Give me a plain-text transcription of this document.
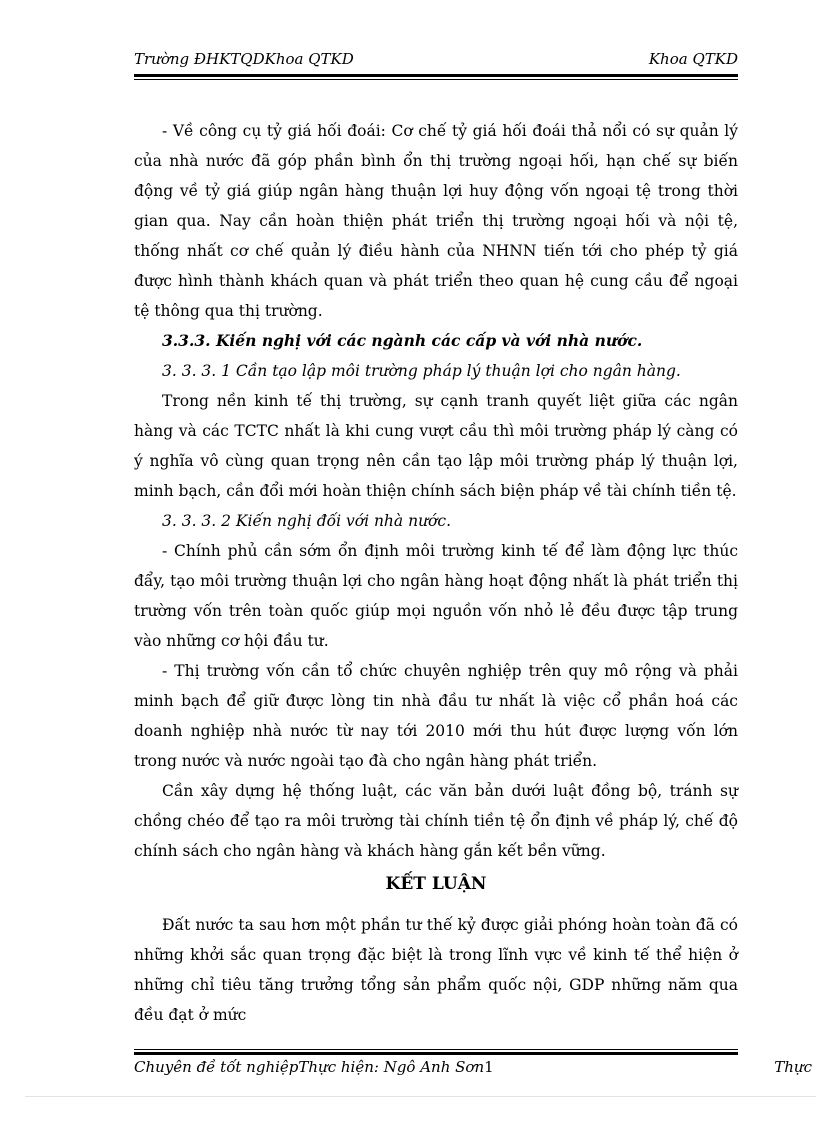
Trường ĐHKTQDKhoa QTKD	Khoa QTKD

- Về công cụ tỷ giá hối đoái: Cơ chế tỷ giá hối đoái thả nổi có sự quản lý của nhà nước đã góp phần bình ổn thị trường ngoại hối, hạn chế sự biến động về tỷ giá giúp ngân hàng thuận lợi huy động vốn ngoại tệ trong thời gian qua. Nay cần hoàn thiện phát triển thị trường ngoại hối và nội tệ, thống nhất cơ chế quản lý điều hành của NHNN tiến tới cho phép tỷ giá được hình thành khách quan và phát triển theo quan hệ cung cầu để ngoại tệ thông qua thị trường.

3.3.3. Kiến nghị với các ngành các cấp và với nhà nước.

3. 3. 3. 1 Cần tạo lập môi trường pháp lý thuận lợi cho ngân hàng.

Trong nền kinh tế thị trường, sự cạnh tranh quyết liệt giữa các ngân hàng và các TCTC nhất là khi cung vượt cầu thì môi trường pháp lý càng có ý nghĩa vô cùng quan trọng nên cần tạo lập môi trường pháp lý thuận lợi, minh bạch, cần đổi mới hoàn thiện chính sách biện pháp về tài chính tiền tệ.

3. 3. 3. 2 Kiến nghị đối với nhà nước.

- Chính phủ cần sớm ổn định môi trường kinh tế để làm động lực thúc đẩy, tạo môi trường thuận lợi cho ngân hàng hoạt động nhất là phát triển thị trường vốn trên toàn quốc giúp mọi nguồn vốn nhỏ lẻ đều được tập trung vào những cơ hội đầu tư.

- Thị trường vốn cần tổ chức chuyên nghiệp trên quy mô rộng và phải minh bạch để giữ được lòng tin nhà đầu tư nhất là việc cổ phần hoá các doanh nghiệp nhà nước từ nay tới 2010 mới thu hút được lượng vốn lớn trong nước và nước ngoài tạo đà cho ngân hàng phát triển.

Cần xây dựng hệ thống luật, các văn bản dưới luật đồng bộ, tránh sự chồng chéo để tạo ra môi trường tài chính tiền tệ ổn định về pháp lý, chế độ chính sách cho ngân hàng và khách hàng gắn kết bền vững.

KẾT LUẬN

Đất nước ta sau hơn một phần tư thế kỷ được giải phóng hoàn toàn đã có những khởi sắc quan trọng đặc biệt là trong lĩnh vực về kinh tế thể hiện ở những chỉ tiêu tăng trưởng tổng sản phẩm quốc nội, GDP những năm qua đều đạt ở mức

Chuyên đề tốt nghiệpThực hiện: Ngô Anh Sơn1	Thực
